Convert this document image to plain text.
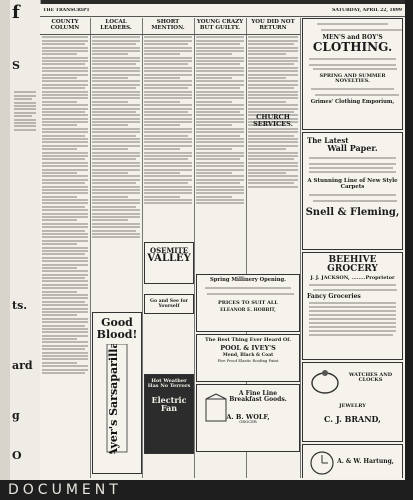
f
S
ts.
ard
g
O
THE TRANSCRIPT	SATURDAY, APRIL 22, 1899
COUNTY COLUMN
LOCAL LEADERS.
Good
Blood!
Ayer's Sarsaparilla
SHORT MENTION.
OSEMITE
VALLEY
Go and See for Yourself
Hot Weather Has No Terrors
Electric Fan
YOUNG CRAZY BUT GUILTY.
YOU DID NOT RETURN
CHURCH SERVICES.
Spring Millinery Opening.
PRICES TO SUIT ALL
ELEANOR E. HOBBIT,
The Best Thing Ever Heard Of.
POOL & IVEY'S
Mend, Black & Coat
Fire Proof Elastic Roofing Paint
A Fine Line
Breakfast Goods.
A. B. WOLF,
GROCER
MEN'S and BOY'S
CLOTHING.
SPRING AND SUMMER NOVELTIES.
Grimes' Clothing Emporium,
The Latest
Wall Paper.
A Stunning Line of New Style Carpets
Snell & Fleming,
BEEHIVE GROCERY
J. J. JACKSON, ........Proprietor
Fancy Groceries
WATCHES AND CLOCKS
JEWELRY
C. J. BRAND,
A. & W. Hartung,
DOCUMENT
